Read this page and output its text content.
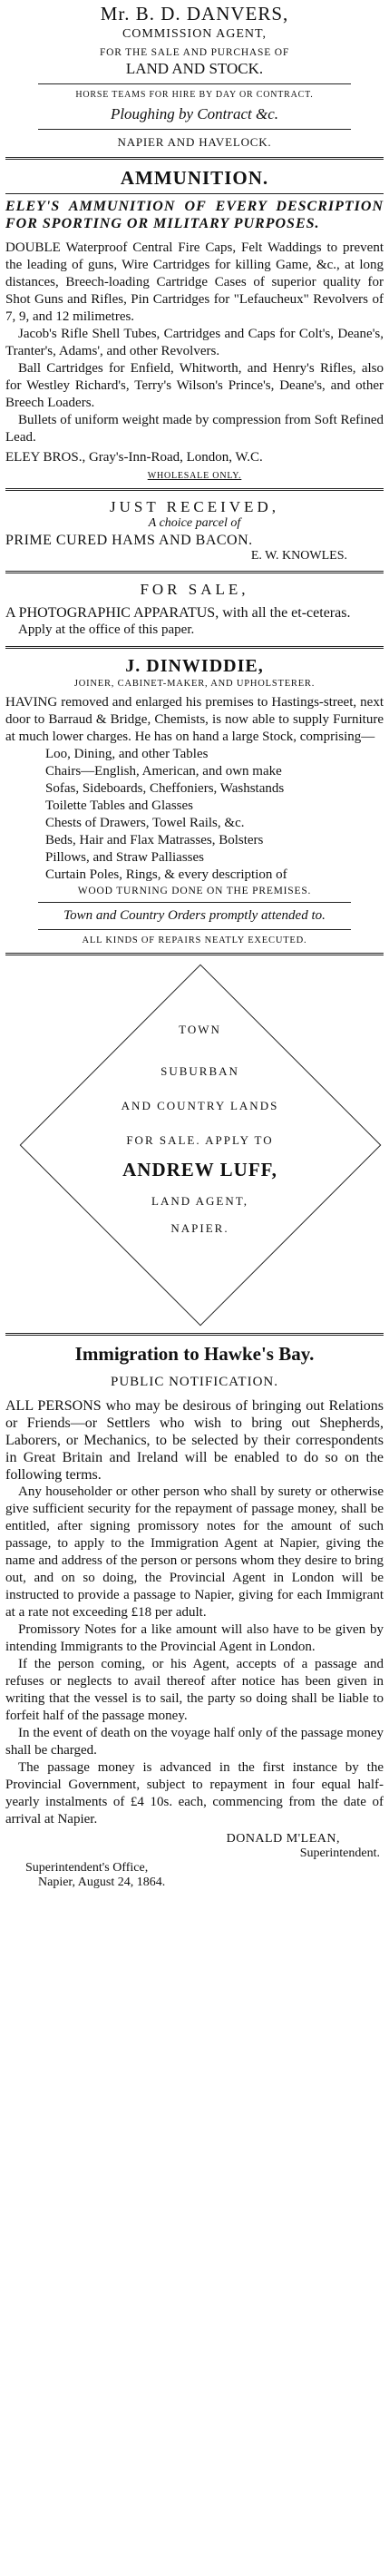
Mr. B. D. DANVERS,
COMMISSION AGENT,
FOR THE SALE AND PURCHASE OF
LAND AND STOCK.
HORSE TEAMS FOR HIRE BY DAY OR CONTRACT.
Ploughing by Contract &c.
NAPIER AND HAVELOCK.
AMMUNITION.
ELEY'S AMMUNITION OF EVERY DESCRIPTION FOR SPORTING OR MILITARY PURPOSES.

DOUBLE Waterproof Central Fire Caps, Felt Waddings to prevent the leading of guns, Wire Cartridges for killing Game, &c., at long distances, Breech-loading Cartridge Cases of superior quality for Shot Guns and Rifles, Pin Cartridges for "Lefaucheux" Revolvers of 7, 9, and 12 milimetres.

Jacob's Rifle Shell Tubes, Cartridges and Caps for Colt's, Deane's, Tranter's, Adams', and other Revolvers.

Ball Cartridges for Enfield, Whitworth, and Henry's Rifles, also for Westley Richard's, Terry's Wilson's Prince's, Deane's, and other Breech Loaders.

Bullets of uniform weight made by compression from Soft Refined Lead.

ELEY BROS., Gray's-Inn-Road, London, W.C.
WHOLESALE ONLY.
JUST RECEIVED,
A choice parcel of
PRIME CURED HAMS AND BACON.
E. W. KNOWLES.
FOR SALE,

A PHOTOGRAPHIC APPARATUS, with all the et-ceteras.

Apply at the office of this paper.

J. DINWIDDIE,
JOINER, CABINET-MAKER, AND UPHOLSTERER.

HAVING removed and enlarged his premises to Hastings-street, next door to Barraud & Bridge, Chemists, is now able to supply Furniture at much lower charges. He has on hand a large Stock, comprising—

Loo, Dining, and other Tables
Chairs—English, American, and own make
Sofas, Sideboards, Cheffoniers, Washstands
Toilette Tables and Glasses
Chests of Drawers, Towel Rails, &c.
Beds, Hair and Flax Matrasses, Bolsters
Pillows, and Straw Palliasses
Curtain Poles, Rings, & every description of
WOOD TURNING DONE ON THE PREMISES.
Town and Country Orders promptly attended to.
ALL KINDS OF REPAIRS NEATLY EXECUTED.
TOWN
SUBURBAN
AND COUNTRY LANDS
FOR SALE. APPLY TO
ANDREW LUFF,
LAND AGENT,
NAPIER.
Immigration to Hawke's Bay.
PUBLIC NOTIFICATION.

ALL PERSONS who may be desirous of bringing out Relations or Friends—or Settlers who wish to bring out Shepherds, Laborers, or Mechanics, to be selected by their correspondents in Great Britain and Ireland will be enabled to do so on the following terms.

Any householder or other person who shall by surety or otherwise give sufficient security for the repayment of passage money, shall be entitled, after signing promissory notes for the amount of such passage, to apply to the Immigration Agent at Napier, giving the name and address of the person or persons whom they desire to bring out, and on so doing, the Provincial Agent in London will be instructed to provide a passage to Napier, giving for each Immigrant at a rate not exceeding £18 per adult.

Promissory Notes for a like amount will also have to be given by intending Immigrants to the Provincial Agent in London.

If the person coming, or his Agent, accepts of a passage and refuses or neglects to avail thereof after notice has been given in writing that the vessel is to sail, the party so doing shall be liable to forfeit half of the passage money.

In the event of death on the voyage half only of the passage money shall be charged.

The passage money is advanced in the first instance by the Provincial Government, subject to repayment in four equal half-yearly instalments of £4 10s. each, commencing from the date of arrival at Napier.

DONALD M'LEAN,
Superintendent.
Superintendent's Office,
Napier, August 24, 1864.
